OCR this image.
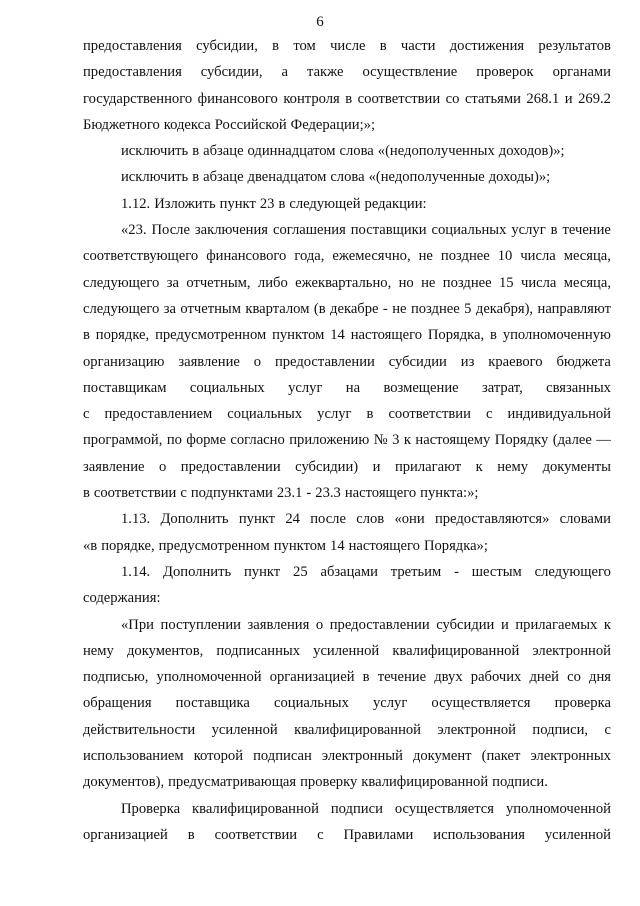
6
предоставления субсидии, в том числе в части достижения результатов
предоставления субсидии, а также осуществление проверок органами
государственного финансового контроля в соответствии со статьями 268.1 и 269.2
Бюджетного кодекса Российской Федерации;»;
исключить в абзаце одиннадцатом слова «(недополученных доходов)»;
исключить в абзаце двенадцатом слова «(недополученные доходы)»;
1.12. Изложить пункт 23 в следующей редакции:
«23. После заключения соглашения поставщики социальных услуг в течение
соответствующего финансового года, ежемесячно, не позднее 10 числа месяца,
следующего за отчетным, либо ежеквартально, но не позднее 15 числа месяца,
следующего за отчетным кварталом (в декабре - не позднее 5 декабря), направляют
в порядке, предусмотренном пунктом 14 настоящего Порядка, в уполномоченную
организацию заявление о предоставлении субсидии из краевого бюджета
поставщикам социальных услуг на возмещение затрат, связанных
с предоставлением социальных услуг в соответствии с индивидуальной
программой, по форме согласно приложению № 3 к настоящему Порядку (далее —
заявление о предоставлении субсидии) и прилагают к нему документы
в соответствии с подпунктами 23.1 - 23.3 настоящего пункта:»;
1.13. Дополнить пункт 24 после слов «они предоставляются» словами
«в порядке, предусмотренном пунктом 14 настоящего Порядка»;
1.14. Дополнить пункт 25 абзацами третьим - шестым следующего
содержания:
«При поступлении заявления о предоставлении субсидии и прилагаемых к
нему документов, подписанных усиленной квалифицированной электронной
подписью, уполномоченной организацией в течение двух рабочих дней со дня
обращения поставщика социальных услуг осуществляется проверка
действительности усиленной квалифицированной электронной подписи, с
использованием которой подписан электронный документ (пакет электронных
документов), предусматривающая проверку квалифицированной подписи.
Проверка квалифицированной подписи осуществляется уполномоченной
организацией в соответствии с Правилами использования усиленной
